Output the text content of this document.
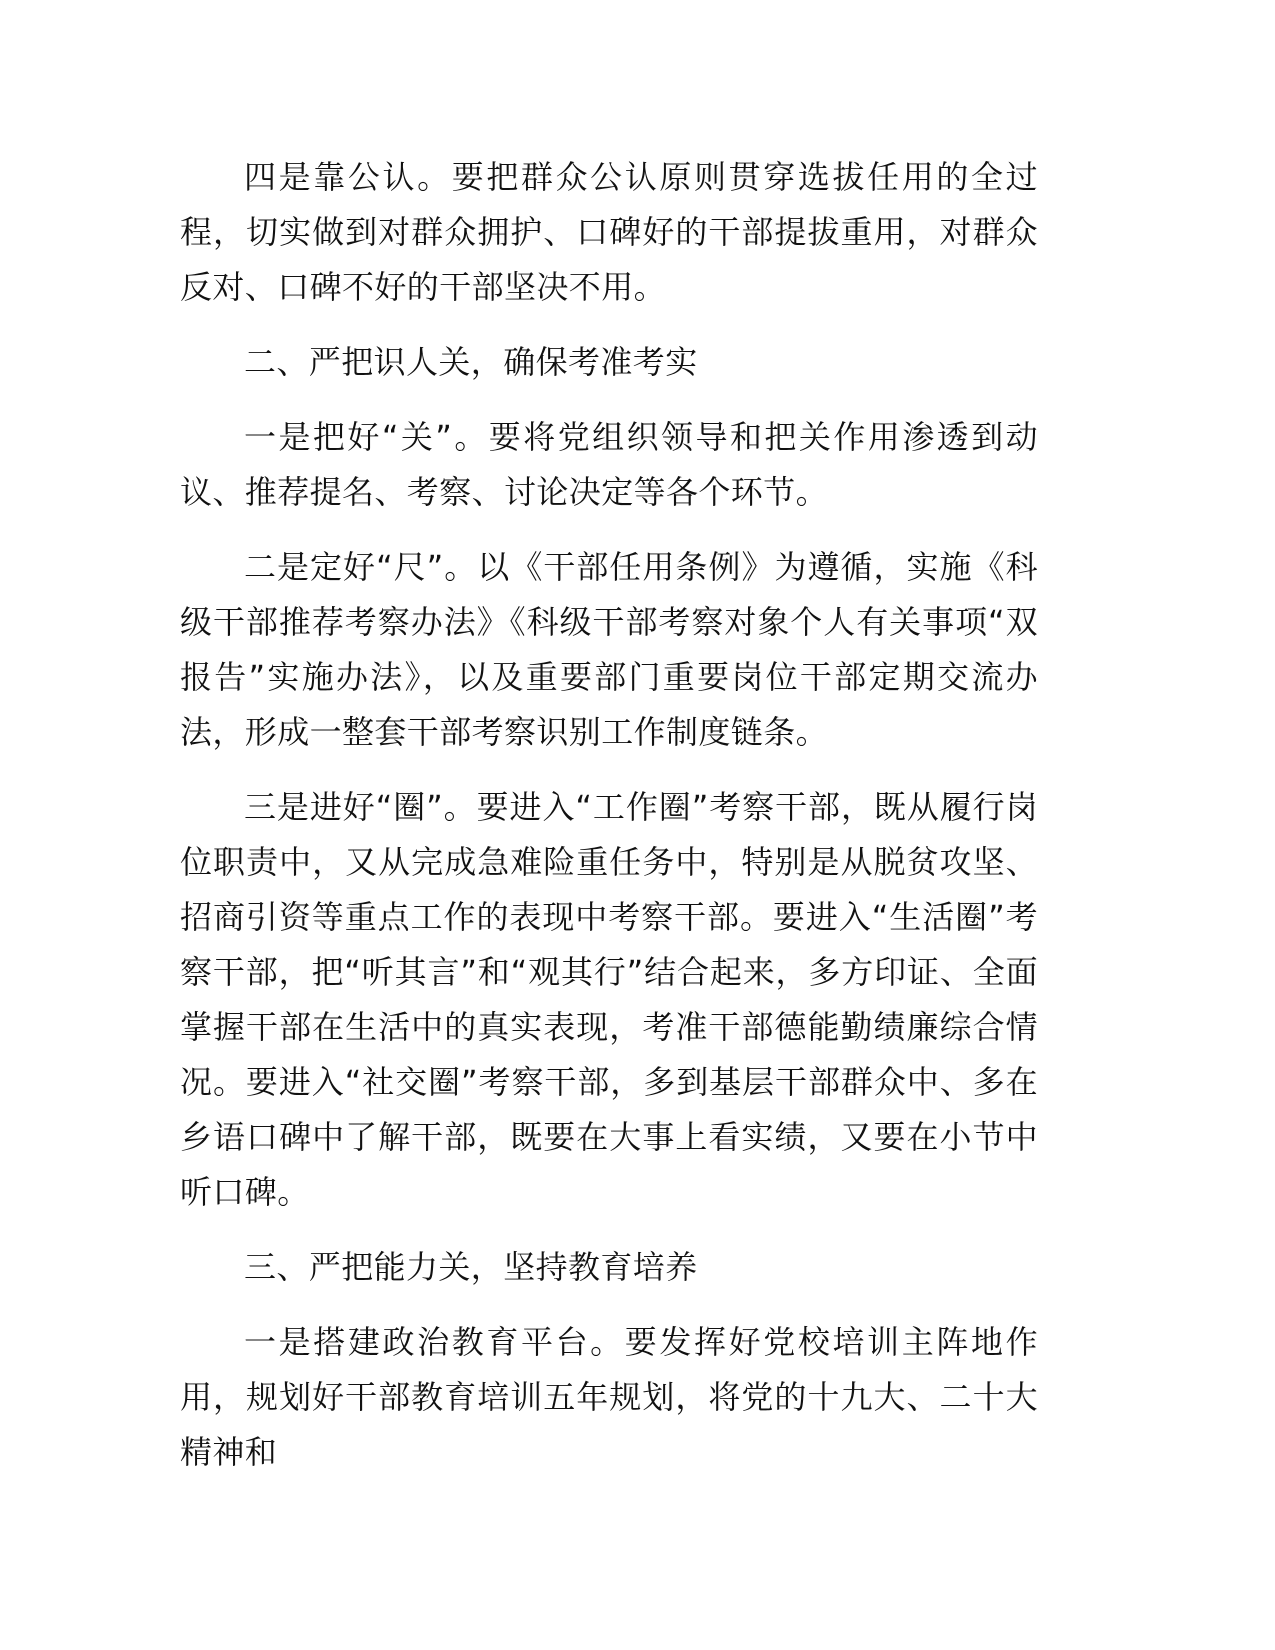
四是靠公认。要把群众公认原则贯穿选拔任用的全过程，切实做到对群众拥护、口碑好的干部提拔重用，对群众反对、口碑不好的干部坚决不用。

二、严把识人关，确保考准考实

一是把好“关”。要将党组织领导和把关作用渗透到动议、推荐提名、考察、讨论决定等各个环节。

二是定好“尺”。以《干部任用条例》为遵循，实施《科级干部推荐考察办法》《科级干部考察对象个人有关事项“双报告”实施办法》，以及重要部门重要岗位干部定期交流办法，形成一整套干部考察识别工作制度链条。

三是进好“圈”。要进入“工作圈”考察干部，既从履行岗位职责中，又从完成急难险重任务中，特别是从脱贫攻坚、招商引资等重点工作的表现中考察干部。要进入“生活圈”考察干部，把“听其言”和“观其行”结合起来，多方印证、全面掌握干部在生活中的真实表现，考准干部德能勤绩廉综合情况。要进入“社交圈”考察干部，多到基层干部群众中、多在乡语口碑中了解干部，既要在大事上看实绩，又要在小节中听口碑。

三、严把能力关，坚持教育培养

一是搭建政治教育平台。要发挥好党校培训主阵地作用，规划好干部教育培训五年规划，将党的十九大、二十大精神和
